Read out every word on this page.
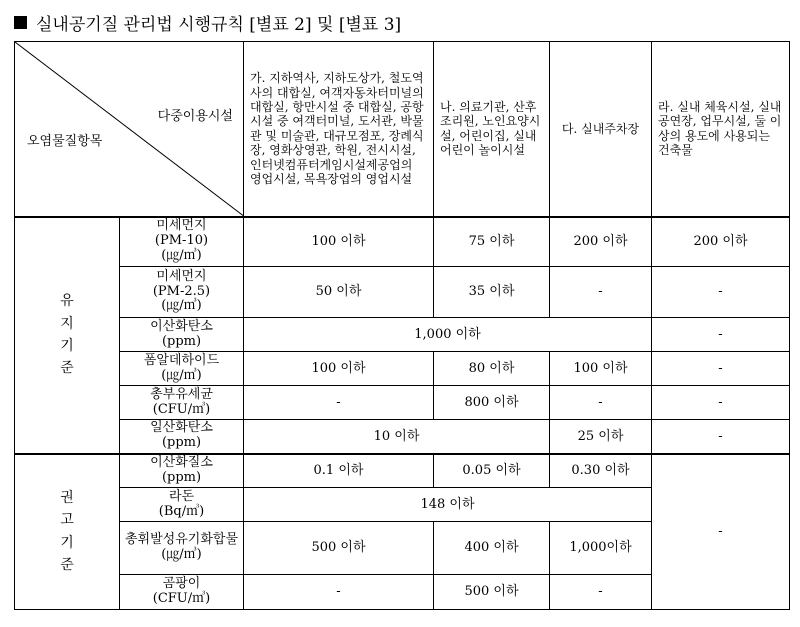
실내공기질 관리법 시행규칙 [별표 2] 및 [별표 3]
다중이용시설
오염물질항목		가. 지하역사, 지하도상가, 철도역사의 대합실, 여객자동차터미널의 대합실, 항만시설 중 대합실, 공항시설 중 여객터미널, 도서관, 박물관 및 미술관, 대규모점포, 장례식장, 영화상영관, 학원, 전시시설, 인터넷컴퓨터게임시설제공업의 영업시설, 목욕장업의 영업시설	나. 의료기관, 산후조리원, 노인요양시설, 어린이집, 실내어린이 놀이시설	다. 실내주차장	라. 실내 체육시설, 실내 공연장, 업무시설, 둘 이상의 용도에 사용되는 건축물
유지기준	미세먼지
(PM-10)
(㎍/㎥)	100 이하	75 이하	200 이하	200 이하

	미세먼지
(PM-2.5)
(㎍/㎥)	50 이하	35 이하	-	-

	이산화탄소
(ppm)	1,000 이하			-

	폼알데하이드
(㎍/㎥)	100 이하	80 이하	100 이하	-

	총부유세균
(CFU/㎥)	-	800 이하	-	-

	일산화탄소
(ppm)	10 이하		25 이하	-
권고기준	이산화질소
(ppm)	0.1 이하	0.05 이하	0.30 이하	-

	라돈
(Bq/㎥)	148 이하			

	총휘발성유기화합물
(㎍/㎥)	500 이하	400 이하	1,000이하	

	곰팡이
(CFU/㎥)	-	500 이하	-	
